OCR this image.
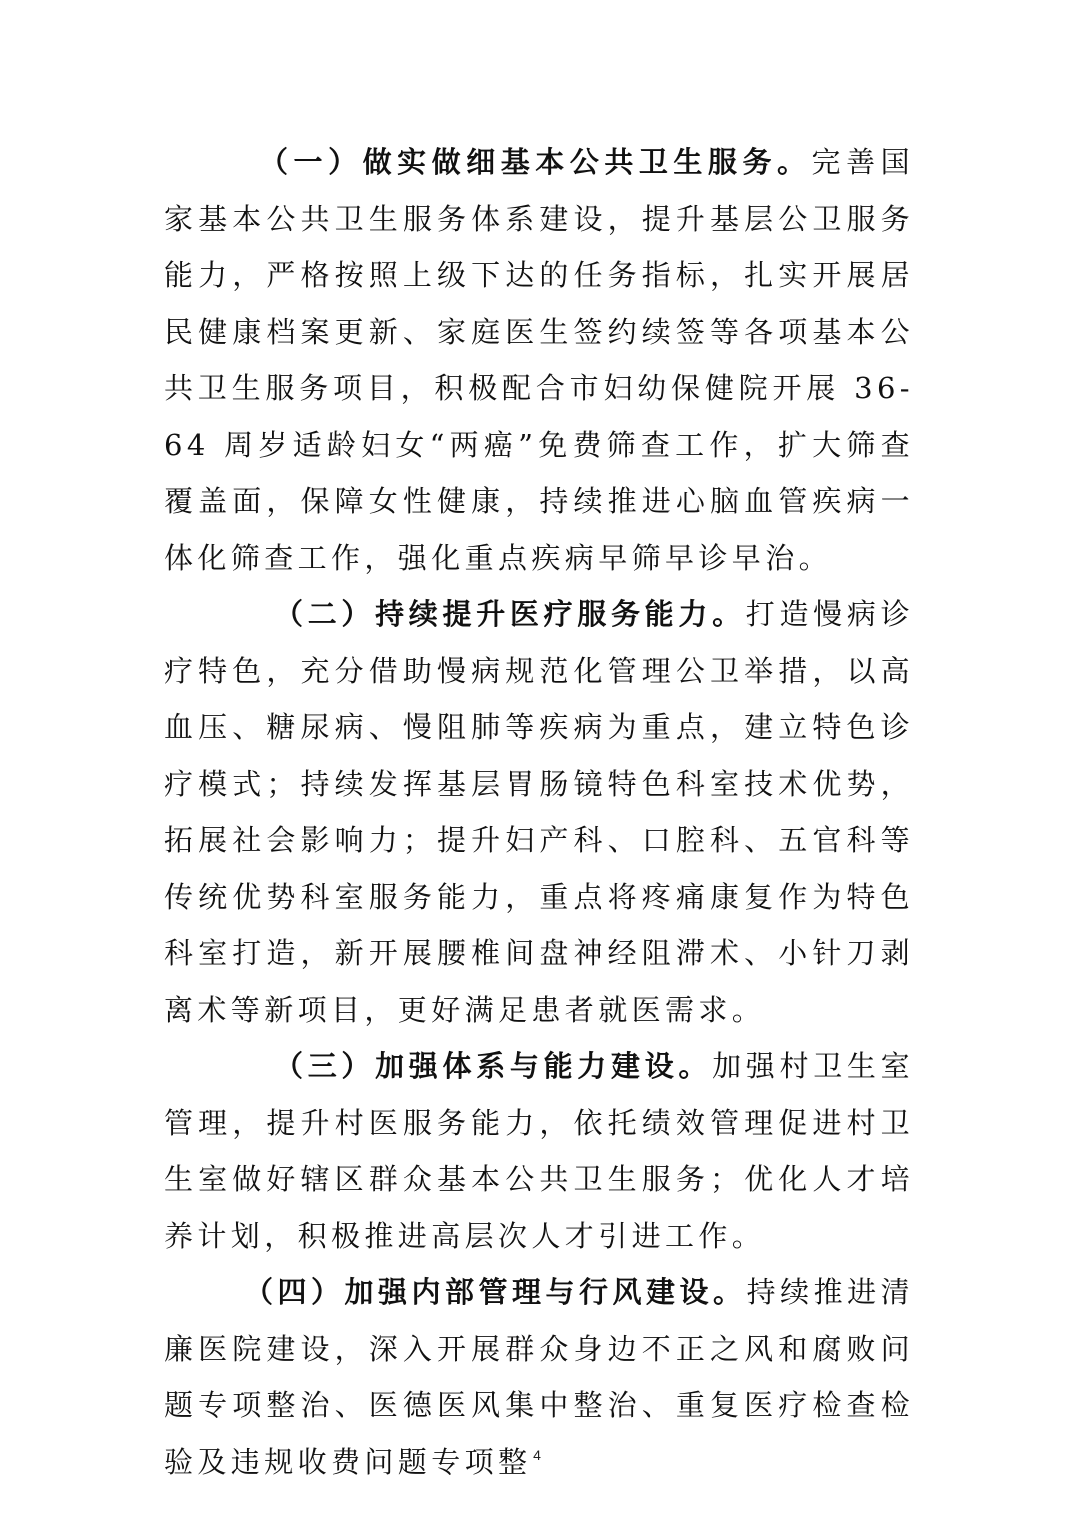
（一）做实做细基本公共卫生服务。完善国家基本公共卫生服务体系建设，提升基层公卫服务能力，严格按照上级下达的任务指标，扎实开展居民健康档案更新、家庭医生签约续签等各项基本公共卫生服务项目，积极配合市妇幼保健院开展 36-64 周岁适龄妇女“两癌”免费筛查工作，扩大筛查覆盖面，保障女性健康，持续推进心脑血管疾病一体化筛查工作，强化重点疾病早筛早诊早治。

（二）持续提升医疗服务能力。打造慢病诊疗特色，充分借助慢病规范化管理公卫举措，以高血压、糖尿病、慢阻肺等疾病为重点，建立特色诊疗模式；持续发挥基层胃肠镜特色科室技术优势，拓展社会影响力；提升妇产科、口腔科、五官科等传统优势科室服务能力，重点将疼痛康复作为特色科室打造，新开展腰椎间盘神经阻滞术、小针刀剥离术等新项目，更好满足患者就医需求。

（三）加强体系与能力建设。加强村卫生室管理，提升村医服务能力，依托绩效管理促进村卫生室做好辖区群众基本公共卫生服务；优化人才培养计划，积极推进高层次人才引进工作。

（四）加强内部管理与行风建设。持续推进清廉医院建设，深入开展群众身边不正之风和腐败问题专项整治、医德医风集中整治、重复医疗检查检验及违规收费问题专项整 4
